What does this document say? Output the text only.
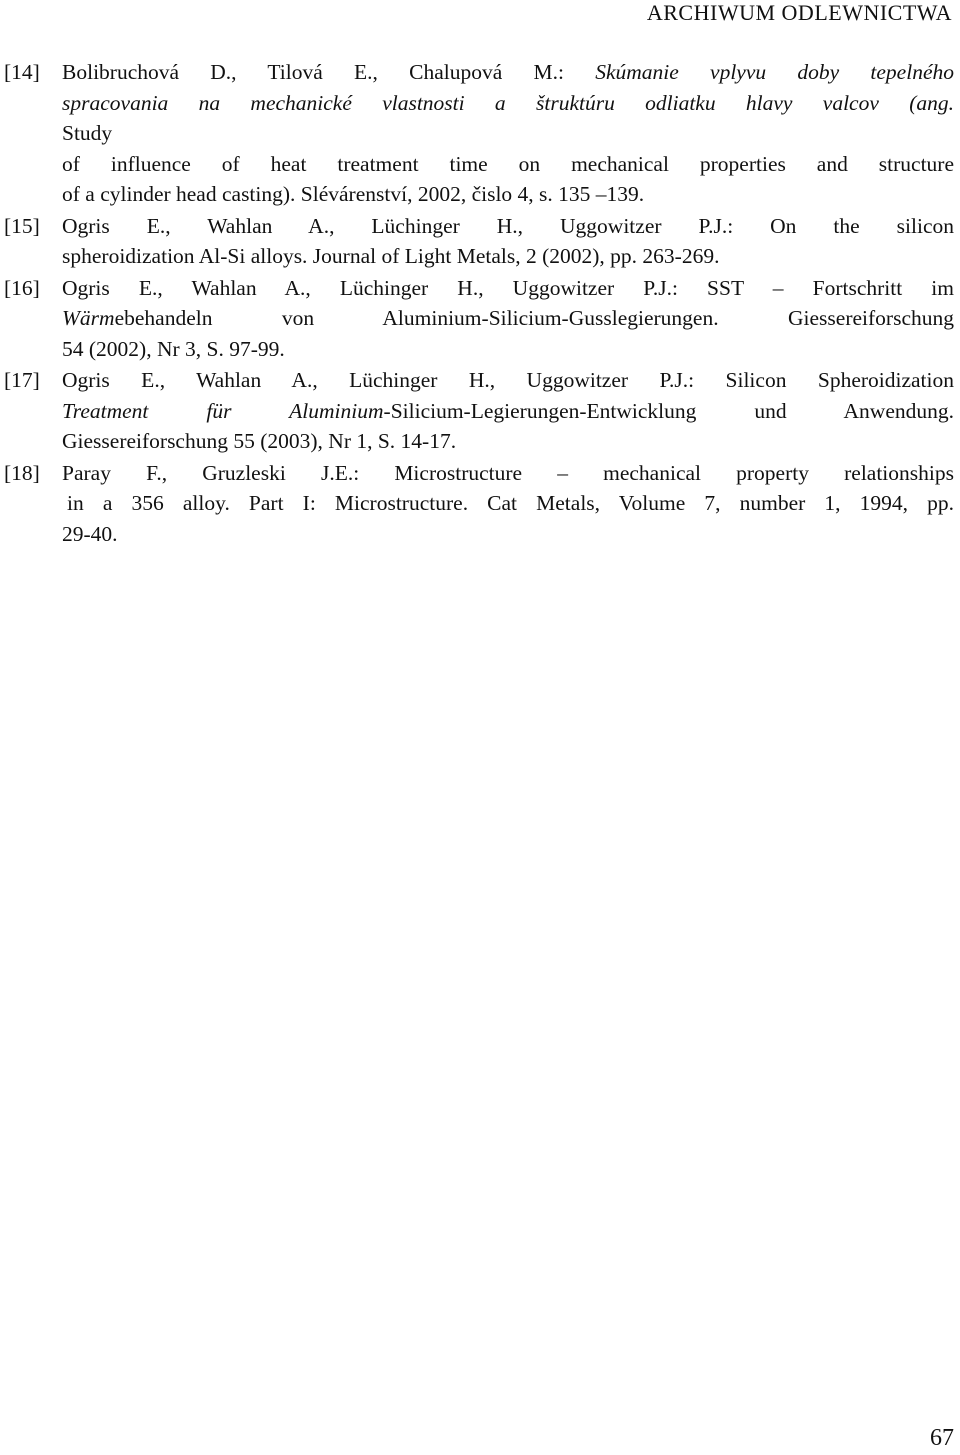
ARCHIWUM ODLEWNICTWA
[14] Bolibruchová D., Tilová E., Chalupová M.: Skúmanie vplyvu doby tepelného
spracovania na mechanické vlastnosti a štruktúru odliatku hlavy valcov (ang.
Study
of influence of heat treatment time on mechanical properties and structure
of a cylinder head casting). Slévárenství, 2002, čislo 4, s. 135 –139.
[15] Ogris E., Wahlan A., Lüchinger H., Uggowitzer P.J.: On the silicon
spheroidization Al-Si alloys. Journal of Light Metals, 2 (2002), pp. 263-269.
[16] Ogris E., Wahlan A., Lüchinger H., Uggowitzer P.J.: SST – Fortschritt im
Wärmebehandeln von Aluminium-Silicium-Gusslegierungen. Giessereiforschung
54 (2002), Nr 3, S. 97-99.
[17] Ogris E., Wahlan A., Lüchinger H., Uggowitzer P.J.: Silicon Spheroidization
Treatment für Aluminium-Silicium-Legierungen-Entwicklung und Anwendung.
Giessereiforschung 55 (2003), Nr 1, S. 14-17.
[18] Paray F., Gruzleski J.E.: Microstructure – mechanical property relationships
in a 356 alloy. Part I: Microstructure. Cat Metals, Volume 7, number 1, 1994, pp.
29-40.
67
